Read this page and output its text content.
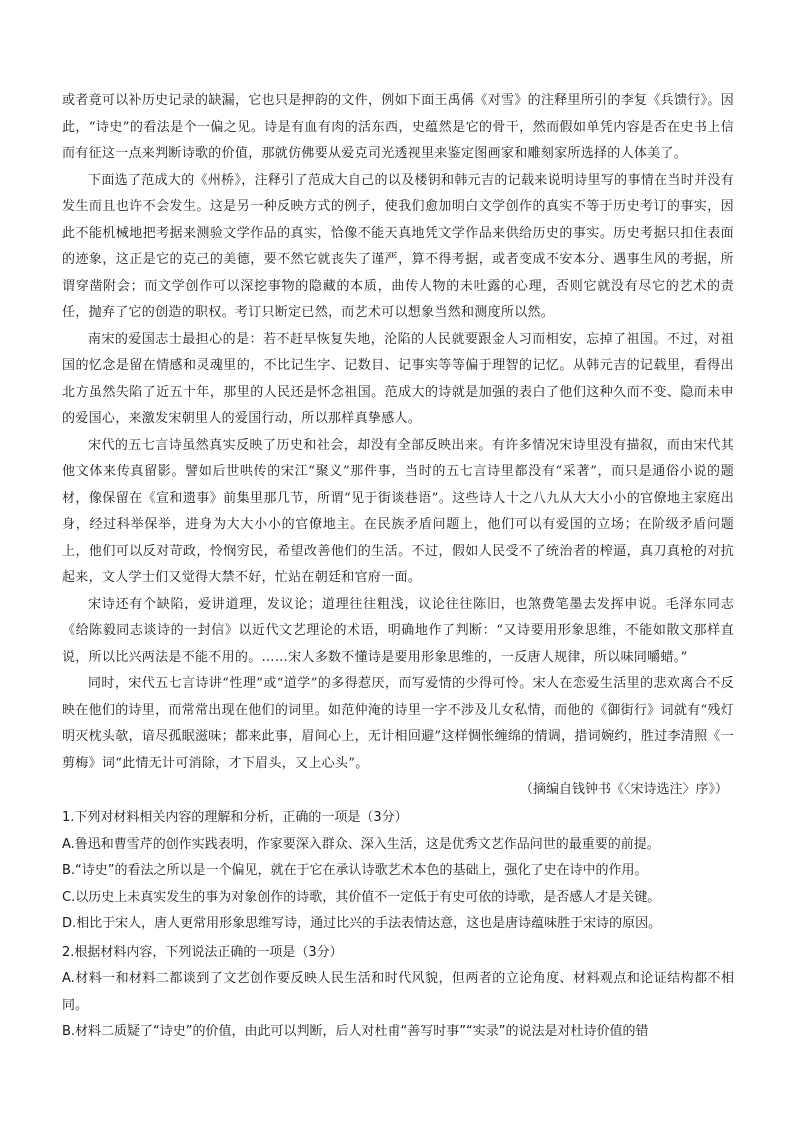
或者竟可以补历史记录的缺漏，它也只是押韵的文件，例如下面王禹偁《对雪》的注释里所引的李复《兵馈行》。因此，“诗史”的看法是个一偏之见。诗是有血有肉的活东西，史蕴然是它的骨干，然而假如单凭内容是否在史书上信而有征这一点来判断诗歌的价值，那就仿佛要从爱克司光透视里来鉴定图画家和雕刻家所选择的人体美了。

下面选了范成大的《州桥》，注释引了范成大自己的以及楼钥和韩元吉的记载来说明诗里写的事情在当时并没有发生而且也许不会发生。这是另一种反映方式的例子，使我们愈加明白文学创作的真实不等于历史考订的事实，因此不能机械地把考据来测验文学作品的真实，恰像不能天真地凭文学作品来供给历史的事实。历史考据只扣住表面的迹象，这正是它的克己的美德，要不然它就丧失了谨严，算不得考据，或者变成不安本分、遇事生风的考据，所谓穿凿附会；而文学创作可以深挖事物的隐藏的本质，曲传人物的未吐露的心理，否则它就没有尽它的艺术的责任，抛弃了它的创造的职权。考订只断定已然，而艺术可以想象当然和测度所以然。

南宋的爱国志士最担心的是：若不赶早恢复失地，沦陷的人民就要跟金人习而相安，忘掉了祖国。不过，对祖国的忆念是留在情感和灵魂里的，不比记生字、记数目、记事实等等偏于理智的记忆。从韩元吉的记载里，看得出北方虽然失陷了近五十年，那里的人民还是怀念祖国。范成大的诗就是加强的表白了他们这种久而不变、隐而未申的爱国心，来激发宋朝里人的爱国行动，所以那样真挚感人。

宋代的五七言诗虽然真实反映了历史和社会，却没有全部反映出来。有许多情况宋诗里没有描叙，而由宋代其他文体来传真留影。譬如后世哄传的宋江“聚义”那件事，当时的五七言诗里都没有“采著”，而只是通俗小说的题材，像保留在《宣和遗事》前集里那几节，所谓“见于街谈巷语”。这些诗人十之八九从大大小小的官僚地主家庭出身，经过科举保举，进身为大大小小的官僚地主。在民族矛盾问题上，他们可以有爱国的立场；在阶级矛盾问题上，他们可以反对苛政，怜悯穷民，希望改善他们的生活。不过，假如人民受不了统治者的榨逼，真刀真枪的对抗起来，文人学士们又觉得大禁不好，忙站在朝廷和官府一面。

宋诗还有个缺陷，爱讲道理，发议论；道理往往粗浅，议论往往陈旧，也煞费笔墨去发挥申说。毛泽东同志《给陈毅同志谈诗的一封信》以近代文艺理论的术语，明确地作了判断：“又诗要用形象思维，不能如散文那样直说，所以比兴两法是不能不用的。……宋人多数不懂诗是要用形象思维的，一反唐人规律，所以味同嚼蜡。”

同时，宋代五七言诗讲“性理”或“道学”的多得惹厌，而写爱情的少得可怜。宋人在恋爱生活里的悲欢离合不反映在他们的诗里，而常常出现在他们的词里。如范仲淹的诗里一字不涉及儿女私情，而他的《御街行》词就有“残灯明灭枕头欹，谙尽孤眠滋味；都来此事，眉间心上，无计相回避”这样惆怅缠绵的情调，措词婉约，胜过李清照《一剪梅》词“此情无计可消除，才下眉头，又上心头”。

（摘编自钱钟书《〈宋诗选注〉序》）

1.下列对材料相关内容的理解和分析，正确的一项是（3分）

A.鲁迅和曹雪芹的创作实践表明，作家要深入群众、深入生活，这是优秀文艺作品问世的最重要的前提。

B.“诗史”的看法之所以是一个偏见，就在于它在承认诗歌艺术本色的基础上，强化了史在诗中的作用。

C.以历史上未真实发生的事为对象创作的诗歌，其价值不一定低于有史可依的诗歌，是否感人才是关键。

D.相比于宋人，唐人更常用形象思维写诗，通过比兴的手法表情达意，这也是唐诗蕴味胜于宋诗的原因。

2.根据材料内容，下列说法正确的一项是（3分）

A.材料一和材料二都谈到了文艺创作要反映人民生活和时代风貌，但两者的立论角度、材料观点和论证结构都不相同。

B.材料二质疑了“诗史”的价值，由此可以判断，后人对杜甫“善写时事”“实录”的说法是对杜诗价值的错
